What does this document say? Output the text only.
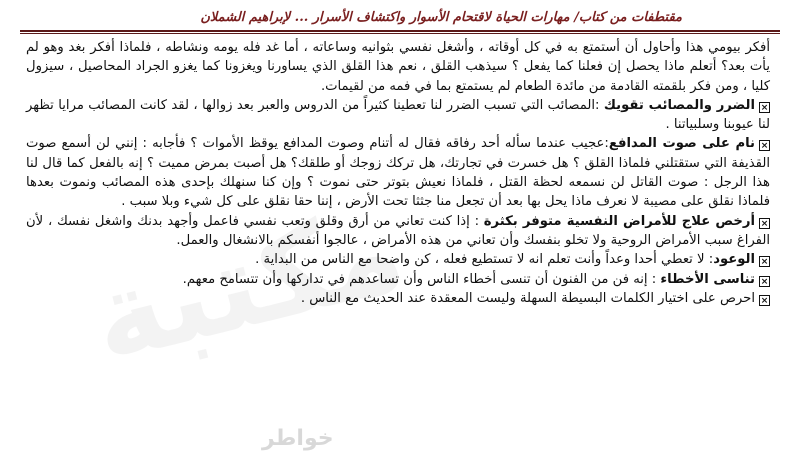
مقتطفات من كتاب/ مهارات الحياة لاقتحام الأسوار واكتشاف الأسرار ... لإبراهيم الشملان
خواطر

أفكر بيومي هذا وأحاول أن أستمتع به في كل أوقاته ، وأشغل نفسي بثوانيه وساعاته ، أما غد فله يومه ونشاطه ، فلماذا أفكر بغد وهو لم يأت بعد؟ أتعلم ماذا يحصل إن فعلنا كما يفعل ؟ سيذهب القلق ، نعم هذا القلق الذي يساورنا ويغزونا كما يغزو الجراد المحاصيل ، سيزول كليا ، ومن فكر بلقمته القادمة من مائدة الطعام لم يستمتع بما في فمه من لقيمات.

×الضرر والمصائب تقويك :المصائب التي تسبب الضرر لنا تعطينا كثيراً من الدروس والعبر بعد زوالها ، لقد كانت المصائب مرايا تظهر لنا عيوبنا وسلبياتنا .

×نام على صوت المدافع:عجيب عندما سأله أحد رفاقه فقال له أتنام وصوت المدافع يوقظ الأموات ؟ فأجابه : إنني لن أسمع صوت القذيفة التي ستقتلني فلماذا القلق ؟ هل خسرت في تجارتك، هل تركك زوجك أو طلقك؟ هل أصبت بمرض مميت ؟ إنه بالفعل كما قال لنا هذا الرجل : صوت القاتل لن نسمعه لحظة القتل ، فلماذا نعيش بتوتر حتى نموت ؟ وإن كنا سنهلك بإحدى هذه المصائب ونموت بعدها فلماذا نقلق على مصيبة لا نعرف ماذا يحل بها بعد أن تجعل منا جثثا تحت الأرض ، إننا حقا نقلق على كل شيء وبلا سبب .

×أرخص علاج للأمراض النفسية متوفر بكثرة : إذا كنت تعاني من أرق وقلق وتعب نفسي فاعمل وأجهد بدنك واشغل نفسك ، لأن الفراغ سبب الأمراض الروحية ولا تخلو بنفسك وأن تعاني من هذه الأمراض ، عالجوا أنفسكم بالانشغال والعمل.

×الوعود: لا تعطي أحدا وعداً وأنت تعلم انه لا تستطيع فعله ، كن واضحا مع الناس من البداية .

×تناسى الأخطاء : إنه فن من الفنون أن تنسى أخطاء الناس وأن تساعدهم في تداركها وأن تتسامح معهم.

×احرص على اختيار الكلمات البسيطة السهلة وليست المعقدة عند الحديث مع الناس .
